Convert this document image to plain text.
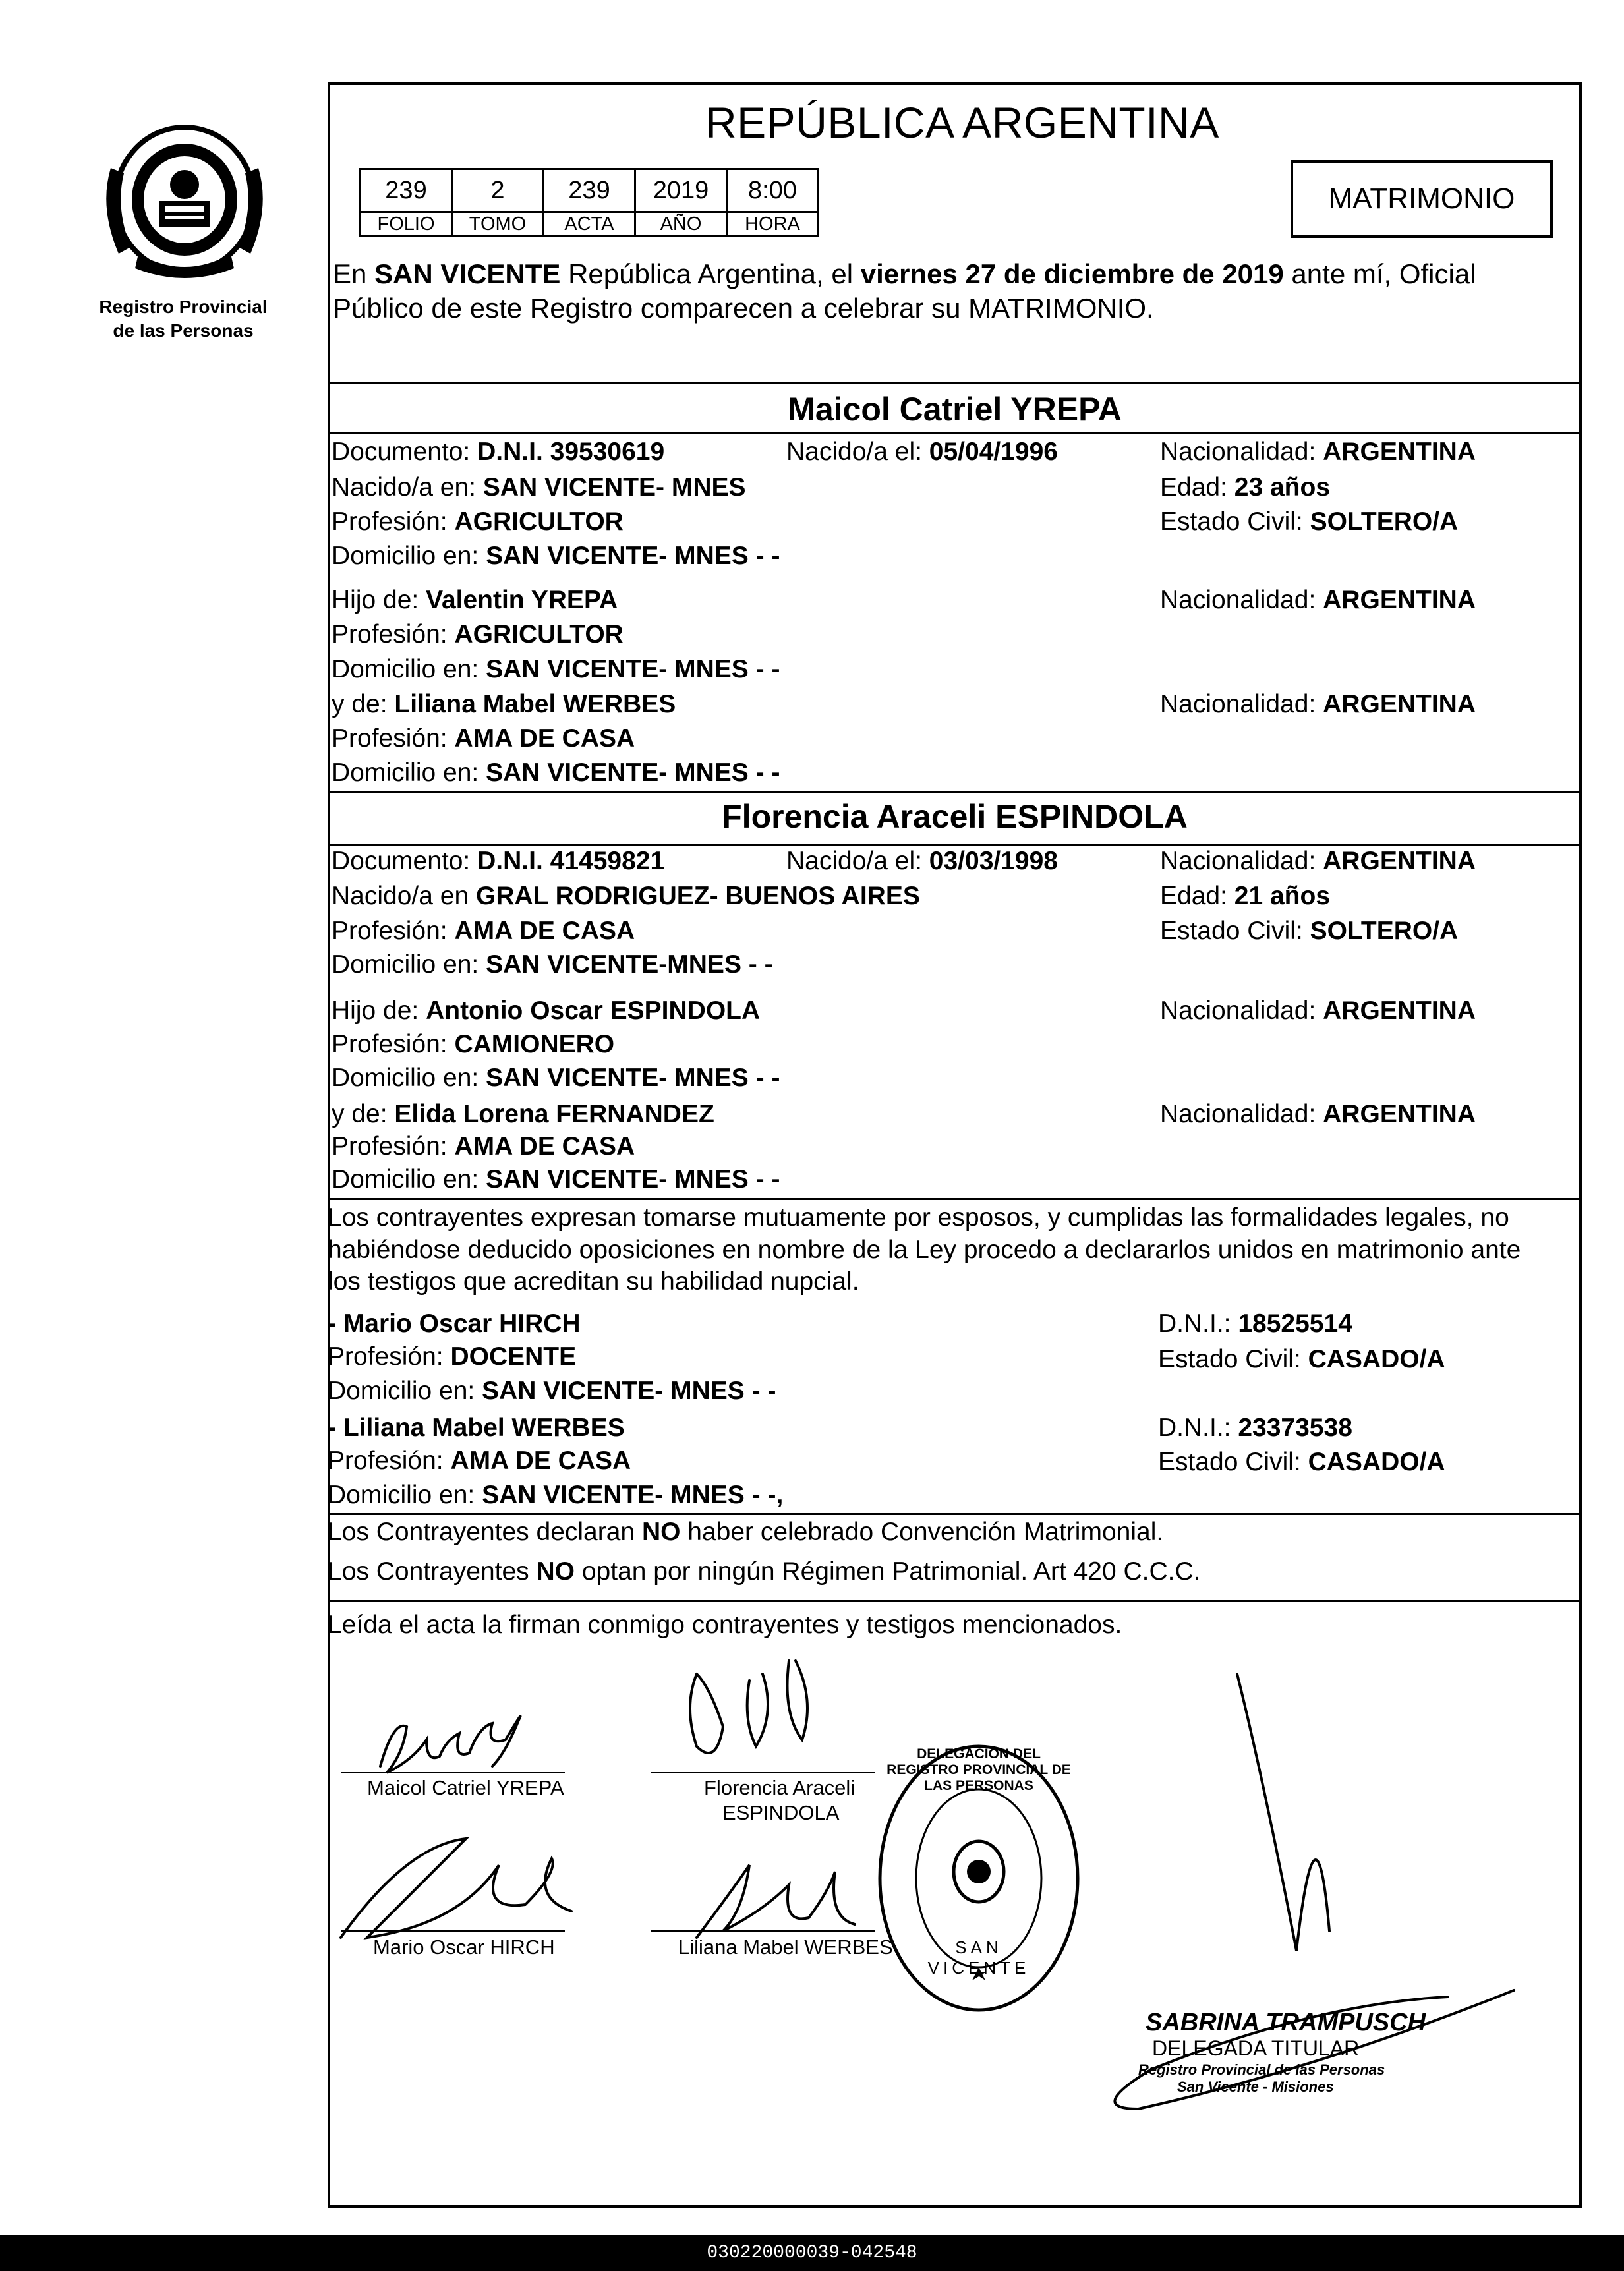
Registro Provincial
de las Personas
REPÚBLICA ARGENTINA
239	2	239	2019	8:00
FOLIO	TOMO	ACTA	AÑO	HORA
MATRIMONIO
En SAN VICENTE República Argentina, el viernes 27 de diciembre de 2019 ante mí, Oficial
Público de este Registro comparecen a celebrar su MATRIMONIO.
Maicol Catriel YREPA
Documento: D.N.I. 39530619	Nacido/a el: 05/04/1996	Nacionalidad: ARGENTINA
Nacido/a en: SAN VICENTE- MNES	Edad: 23 años
Profesión: AGRICULTOR	Estado Civil: SOLTERO/A
Domicilio en: SAN VICENTE- MNES - -
Hijo de: Valentin YREPA	Nacionalidad: ARGENTINA
Profesión: AGRICULTOR
Domicilio en: SAN VICENTE- MNES - -
y de: Liliana Mabel WERBES	Nacionalidad: ARGENTINA
Profesión: AMA DE CASA
Domicilio en: SAN VICENTE- MNES - -
Florencia Araceli ESPINDOLA
Documento: D.N.I. 41459821	Nacido/a el: 03/03/1998	Nacionalidad: ARGENTINA
Nacido/a en GRAL RODRIGUEZ- BUENOS AIRES	Edad: 21 años
Profesión: AMA DE CASA	Estado Civil: SOLTERO/A
Domicilio en: SAN VICENTE-MNES - -
Hijo de: Antonio Oscar ESPINDOLA	Nacionalidad: ARGENTINA
Profesión: CAMIONERO
Domicilio en: SAN VICENTE- MNES - -
y de: Elida Lorena FERNANDEZ	Nacionalidad: ARGENTINA
Profesión: AMA DE CASA
Domicilio en: SAN VICENTE- MNES - -
Los contrayentes expresan tomarse mutuamente por esposos, y cumplidas las formalidades legales, no
habiéndose deducido oposiciones en nombre de la Ley procedo a declararlos unidos en matrimonio ante
los testigos que acreditan su habilidad nupcial.
- Mario Oscar HIRCH	D.N.I.: 18525514
Profesión: DOCENTE	Estado Civil: CASADO/A
Domicilio en: SAN VICENTE- MNES - -
- Liliana Mabel WERBES	D.N.I.: 23373538
Profesión: AMA DE CASA	Estado Civil: CASADO/A
Domicilio en: SAN VICENTE- MNES - -,
Los Contrayentes declaran NO haber celebrado Convención Matrimonial.
Los Contrayentes NO optan por ningún Régimen Patrimonial. Art 420 C.C.C.
Leída el acta la firman conmigo contrayentes y testigos mencionados.
Maicol Catriel YREPA	Florencia Araceli
ESPINDOLA
Mario Oscar HIRCH	Liliana Mabel WERBES
DELEGACION DEL REGISTRO PROVINCIAL DE LAS PERSONAS
SAN VICENTE
SABRINA TRAMPUSCH
DELEGADA TITULAR
Registro Provincial de las Personas
San Vicente - Misiones
030220000039-042548
